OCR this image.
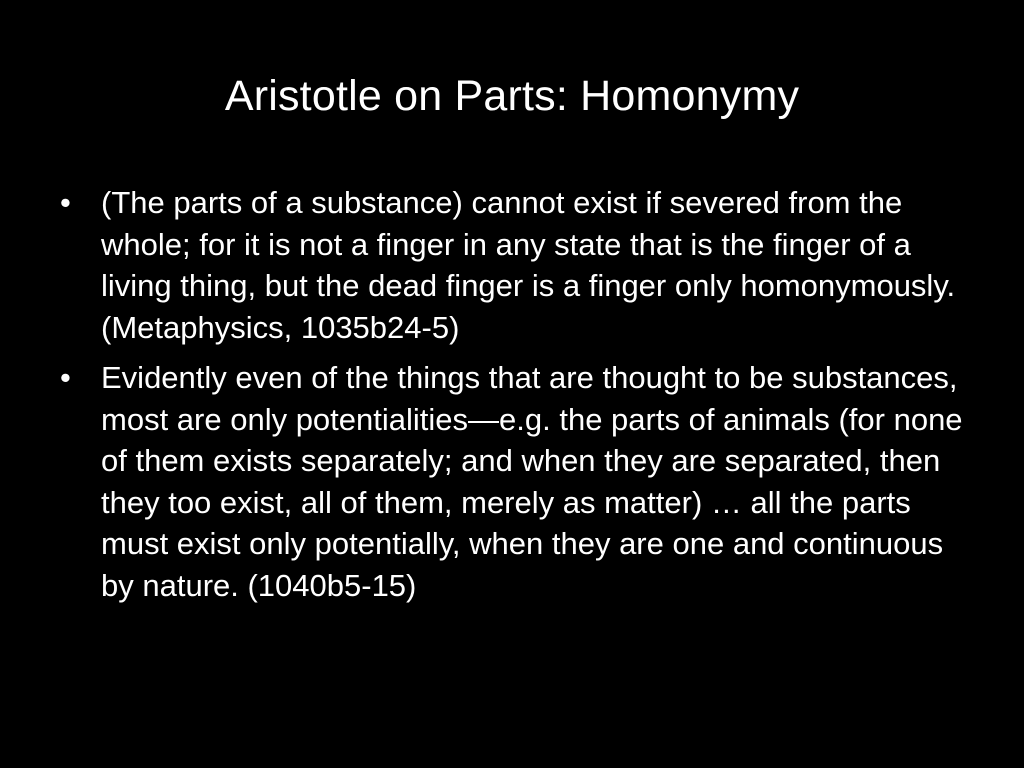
Aristotle on Parts: Homonymy
• (The parts of a substance) cannot exist if severed from the whole; for it is not a finger in any state that is the finger of a living thing, but the dead finger is a finger only homonymously. (Metaphysics, 1035b24-5)
• Evidently even of the things that are thought to be substances, most are only potentialities—e.g. the parts of animals (for none of them exists separately; and when they are separated, then they too exist, all of them, merely as matter) … all the parts must exist only potentially, when they are one and continuous by nature. (1040b5-15)
